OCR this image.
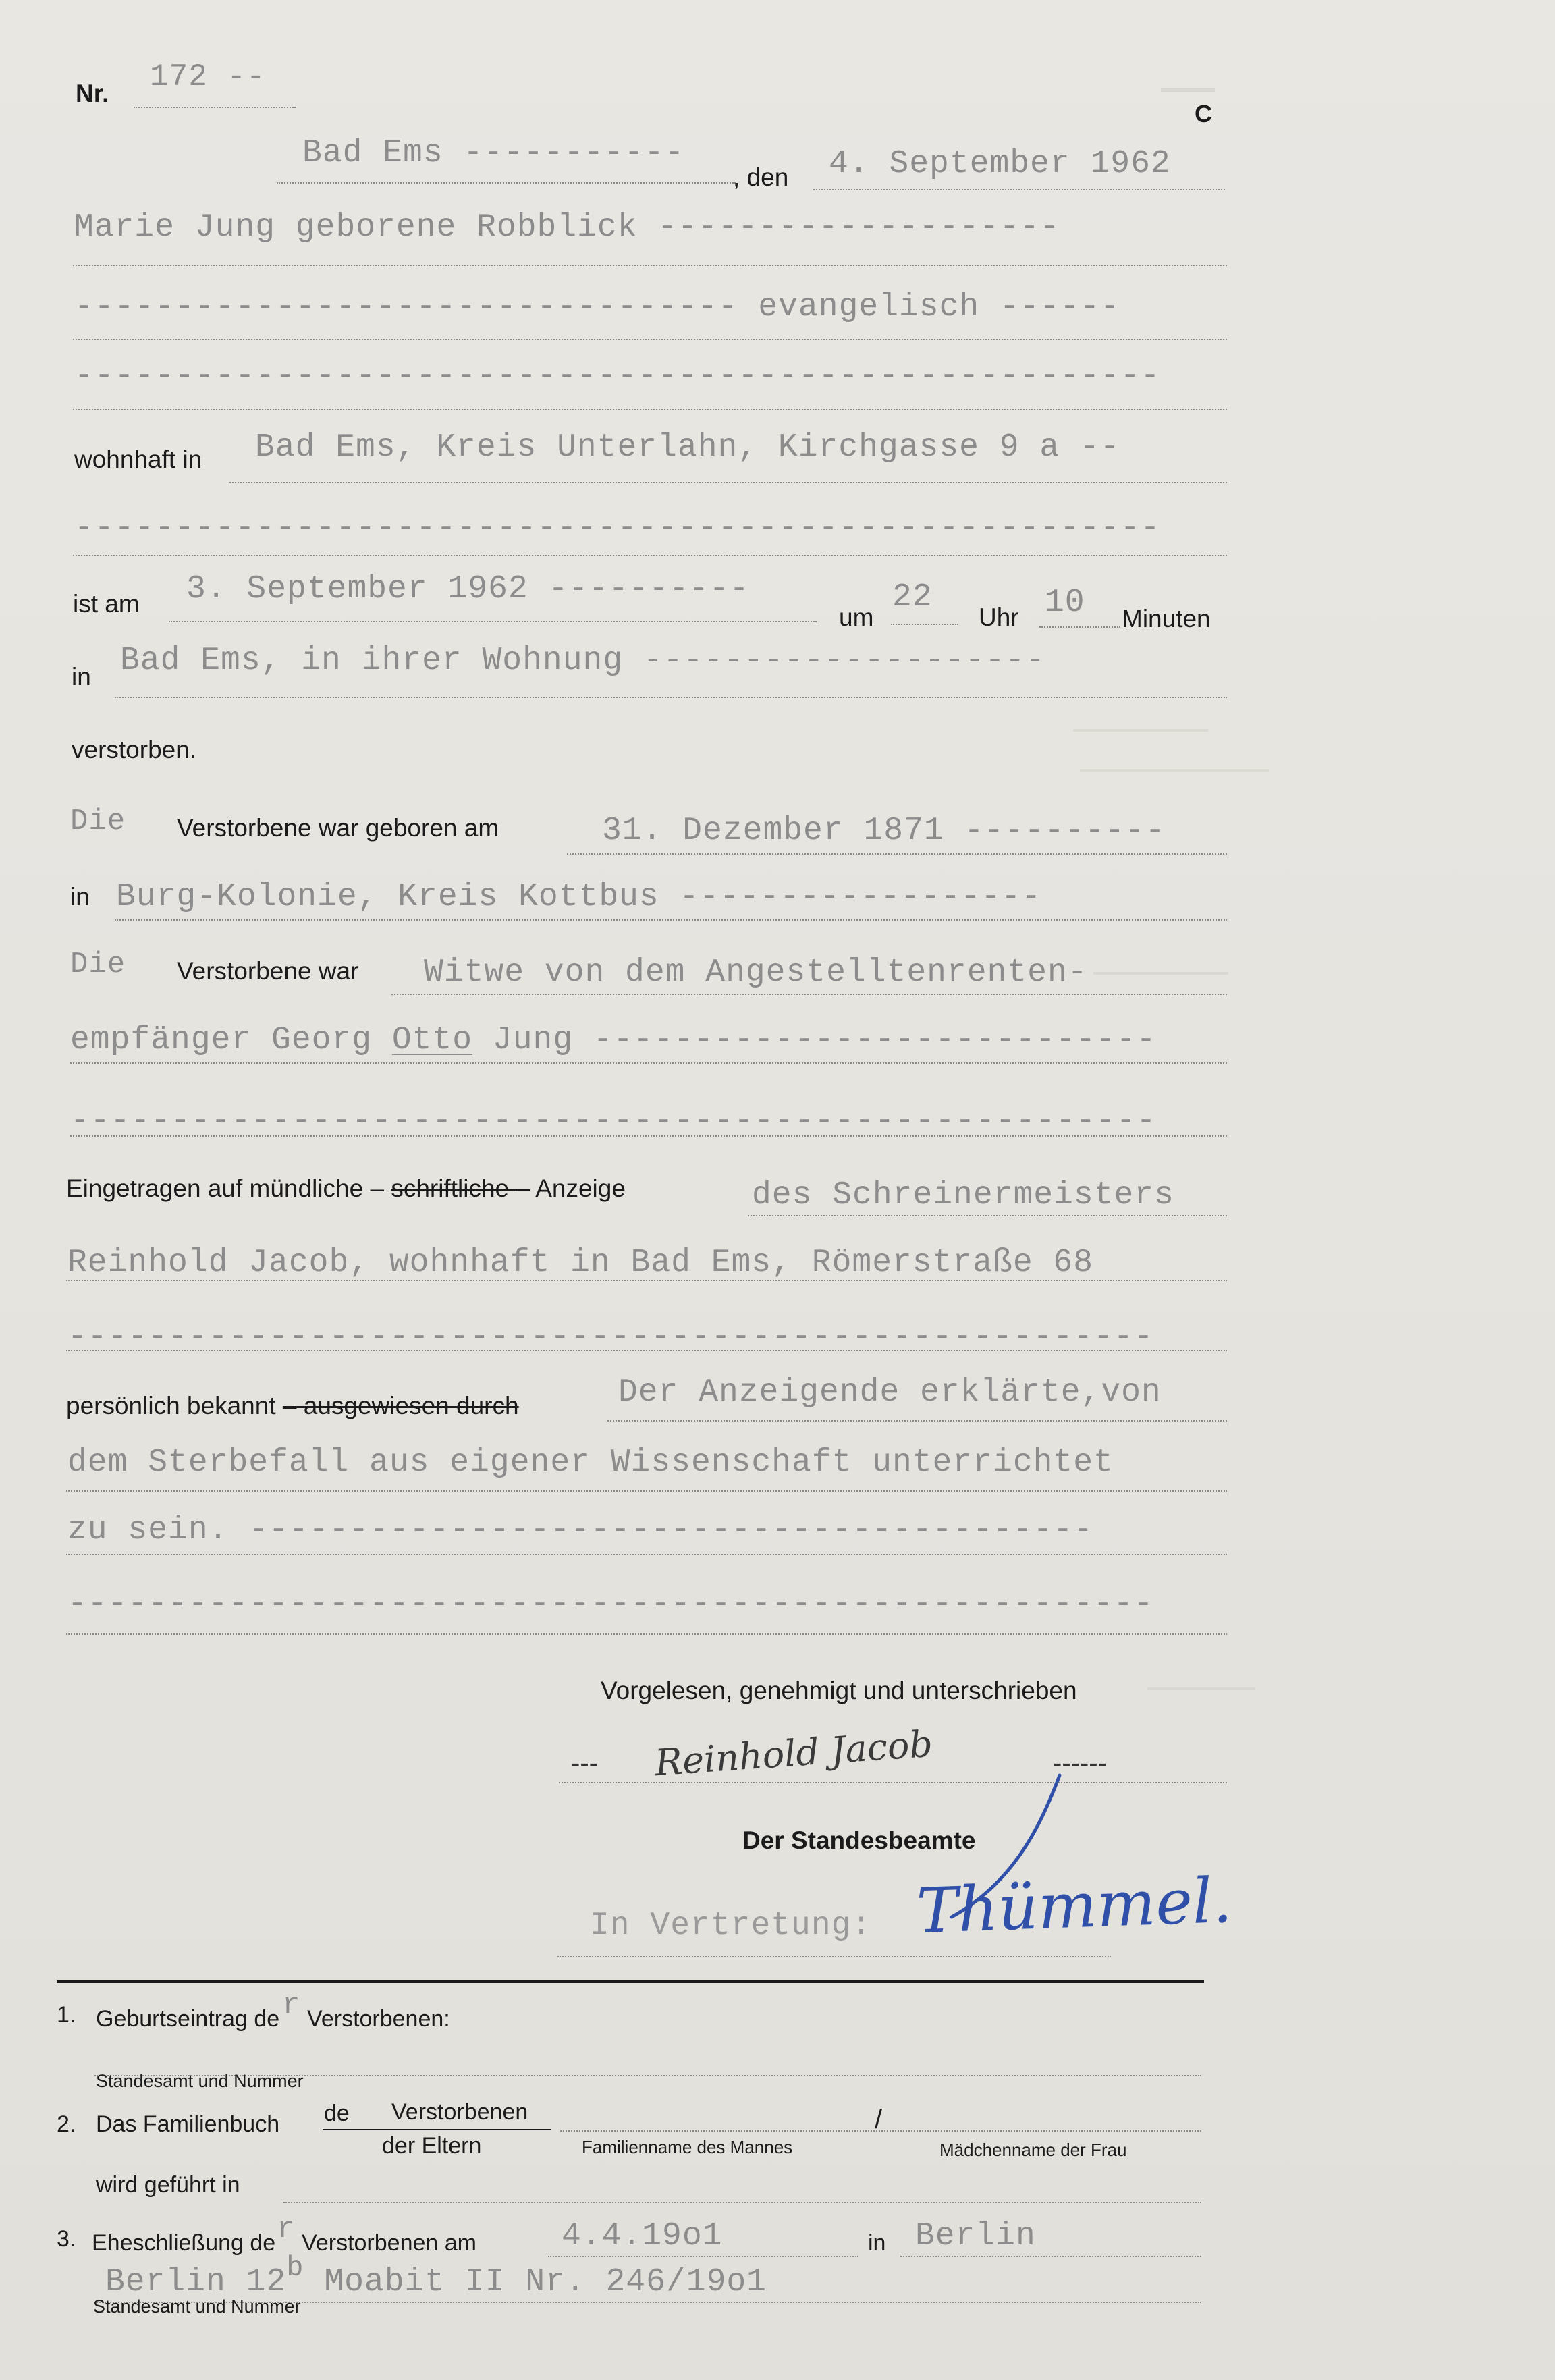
Nr. 172 --
C
Bad Ems -----------
, den 4. September 1962
Marie Jung geborene Robblick --------------------
--------------------------------- evangelisch ------
------------------------------------------------------
wohnhaft in Bad Ems, Kreis Unterlahn, Kirchgasse 9 a --
------------------------------------------------------
ist am 3. September 1962 ----------
um
22
Uhr 10 Minuten
in Bad Ems, in ihrer Wohnung --------------------
verstorben.
Die Verstorbene war geboren am	31. Dezember 1871 ----------
in Burg-Kolonie, Kreis Kottbus ------------------
Die Verstorbene war Witwe von dem Angestelltenrenten-
empfänger Georg Otto Jung ----------------------------
------------------------------------------------------
Eingetragen auf mündliche – schriftliche – Anzeige	des Schreinermeisters
Reinhold Jacob, wohnhaft in Bad Ems, Römerstraße 68
------------------------------------------------------
persönlich bekannt – ausgewiesen durch	Der Anzeigende erklärte,von
dem Sterbefall aus eigener Wissenschaft unterrichtet
zu sein. ------------------------------------------
------------------------------------------------------
Vorgelesen, genehmigt und unterschrieben
--- Reinhold Jacob	------
Der Standesbeamte
In Vertretung: Thümmel.
1. Geburtseintrag der Verstorbenen:
Standesamt und Nummer
2. Das Familienbuch de Verstorbenen
der Eltern	Familienname des Mannes
/
Mädchenname der Frau
wird geführt in
3. Eheschließung der Verstorbenen am	4.4.19o1	in Berlin
Berlin 12b Moabit II Nr. 246/19o1
Standesamt und Nummer
